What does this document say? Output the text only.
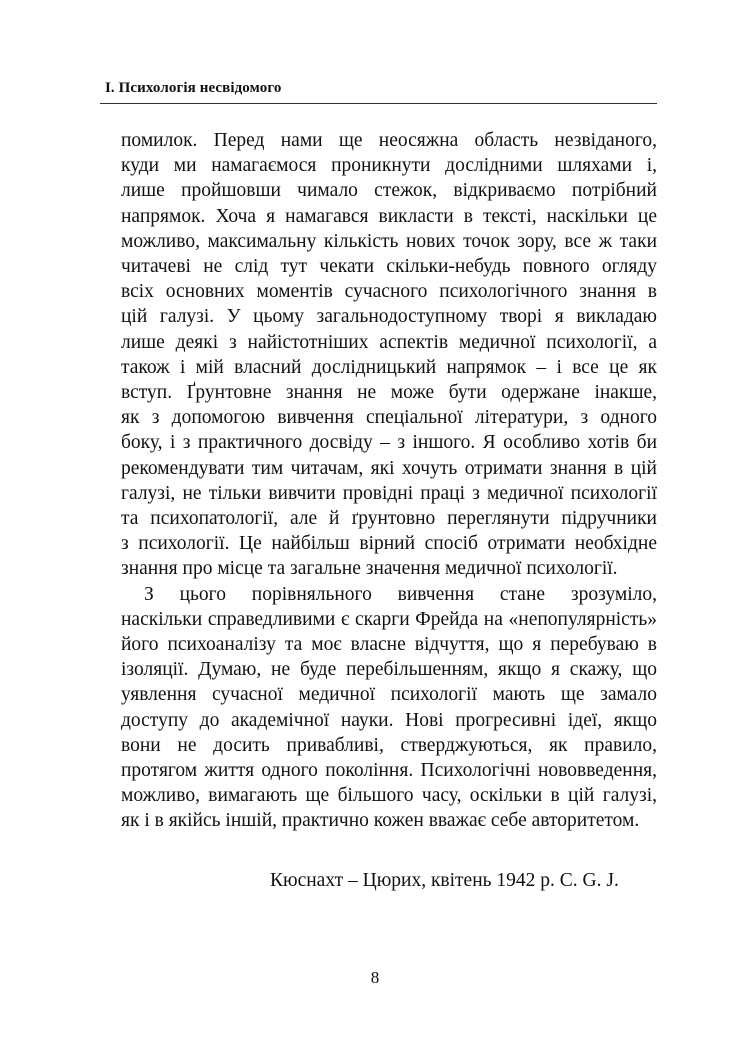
І. Психологія несвідомого

помилок. Перед нами ще неосяжна область незвіданого,
куди ми намагаємося проникнути дослідними шляхами і,
лише пройшовши чимало стежок, відкриваємо потрібний
напрямок. Хоча я намагався викласти в тексті, наскільки це
можливо, максимальну кількість нових точок зору, все ж таки
читачеві не слід тут чекати скільки-небудь повного огляду
всіх основних моментів сучасного психологічного знання в
цій галузі. У цьому загальнодоступному творі я викладаю
лише деякі з найістотніших аспектів медичної психології, а
також і мій власний дослідницький напрямок – і все це як
вступ. Ґрунтовне знання не може бути одержане інакше,
як з допомогою вивчення спеціальної літератури, з одного
боку, і з практичного досвіду – з іншого. Я особливо хотів би
рекомендувати тим читачам, які хочуть отримати знання в цій
галузі, не тільки вивчити провідні праці з медичної психології
та психопатології, але й ґрунтовно переглянути підручники
з психології. Це найбільш вірний спосіб отримати необхідне
знання про місце та загальне значення медичної психології.

З цього порівняльного вивчення стане зрозуміло,
наскільки справедливими є скарги Фрейда на «непопулярність»
його психоаналізу та моє власне відчуття, що я перебуваю в
ізоляції. Думаю, не буде перебільшенням, якщо я скажу, що
уявлення сучасної медичної психології мають ще замало
доступу до академічної науки. Нові прогресивні ідеї, якщо
вони не досить привабливі, стверджуються, як правило,
протягом життя одного покоління. Психологічні нововведення,
можливо, вимагають ще більшого часу, оскільки в цій галузі,
як і в якійсь іншій, практично кожен вважає себе авторитетом.

Кюснахт – Цюрих, квітень 1942 р. С. G. J.
8
